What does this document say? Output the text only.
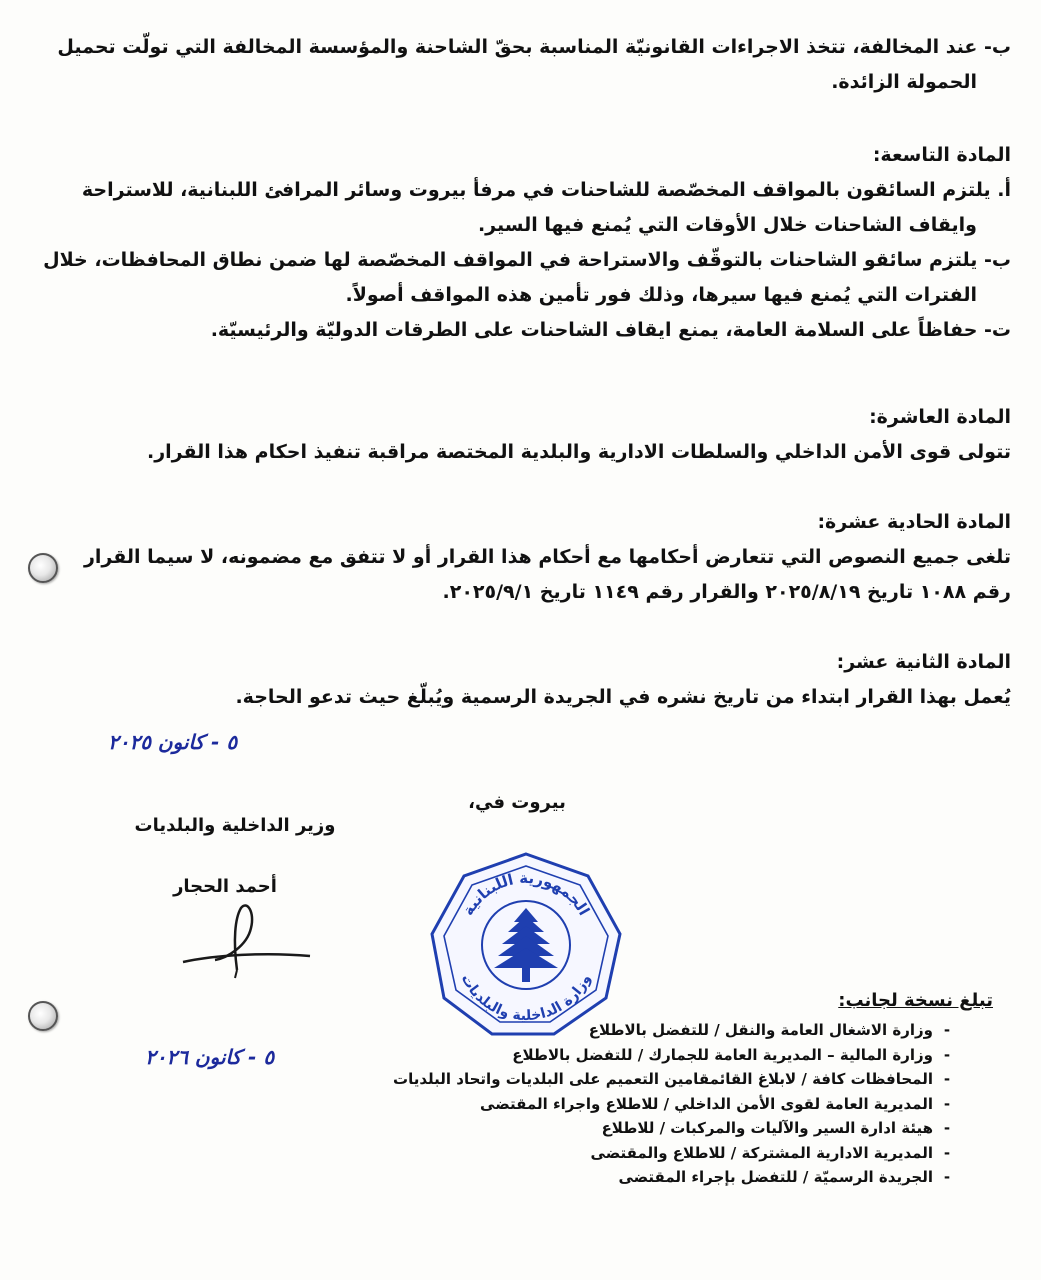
ب- عند المخالفة، تتخذ الاجراءات القانونيّة المناسبة بحقّ الشاحنة والمؤسسة المخالفة التي تولّت تحميل
الحمولة الزائدة.
المادة التاسعة:
أ. يلتزم السائقون بالمواقف المخصّصة للشاحنات في مرفأ بيروت وسائر المرافئ اللبنانية، للاستراحة
وايقاف الشاحنات خلال الأوقات التي يُمنع فيها السير.
ب- يلتزم سائقو الشاحنات بالتوقّف والاستراحة في المواقف المخصّصة لها ضمن نطاق المحافظات، خلال
الفترات التي يُمنع فيها سيرها، وذلك فور تأمين هذه المواقف أصولاً.
ت- حفاظاً على السلامة العامة، يمنع ايقاف الشاحنات على الطرقات الدوليّة والرئيسيّة.
المادة العاشرة:
تتولى قوى الأمن الداخلي والسلطات الادارية والبلدية المختصة مراقبة تنفيذ احكام هذا القرار.
المادة الحادية عشرة:
تلغى جميع النصوص التي تتعارض أحكامها مع أحكام هذا القرار أو لا تتفق مع مضمونه، لا سيما القرار
رقم ١٠٨٨ تاريخ ٢٠٢٥/٨/١٩ والقرار رقم ١١٤٩ تاريخ ٢٠٢٥/٩/١.
المادة الثانية عشر:
يُعمل بهذا القرار ابتداء من تاريخ نشره في الجريدة الرسمية ويُبلّغ حيث تدعو الحاجة.
٥ - كانون ٢٠٢٥
بيروت في،
وزير الداخلية والبلديات
أحمد الحجار
الجمهورية اللبنانية
وزارة الداخلية والبلديات
٥ - كانون ٢٠٢٦
تبلغ نسخة لجانب:
- وزارة الاشغال العامة والنقل / للتفضل بالاطلاع
- وزارة المالية – المديرية العامة للجمارك / للتفضل بالاطلاع
- المحافظات كافة / لابلاغ القائمقامين التعميم على البلديات واتحاد البلديات
- المديرية العامة لقوى الأمن الداخلي / للاطلاع واجراء المقتضى
- هيئة ادارة السير والآليات والمركبات / للاطلاع
- المديرية الادارية المشتركة / للاطلاع والمقتضى
- الجريدة الرسميّة / للتفضل بإجراء المقتضى
